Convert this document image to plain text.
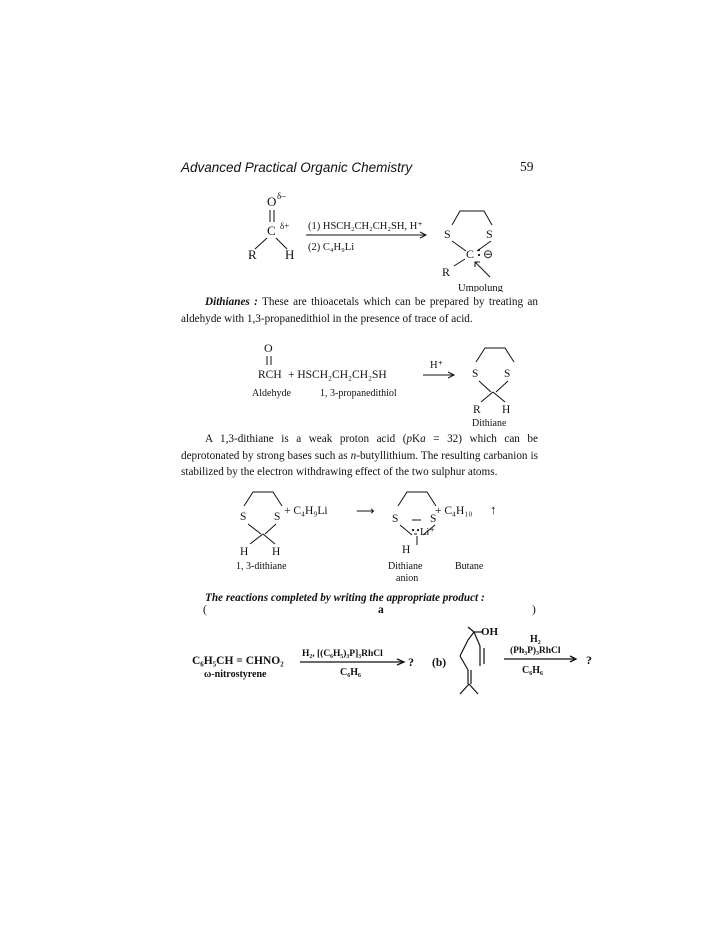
Advanced Practical Organic Chemistry	59
O δ–
C δ+
R H
(1) HSCH₂CH₂CH₂SH, H⁺
(2) C₄H₉Li
S	S
C ⊖
R
Umpolung
Dithianes : These are thioacetals which can be prepared by treating an aldehyde with 1,3-propanedithiol in the presence of trace of acid.
O
RCH + HSCH₂CH₂CH₂SH
H⁺
Aldehyde	1, 3-propanedithiol
S S
R H
Dithiane
A 1,3-dithiane is a weak proton acid (pKa = 32) which can be deprotonated by strong bases such as n-butyllithium. The resulting carbanion is stabilized by the electron withdrawing effect of the two sulphur atoms.
S S
H H
+ C₄H₉Li ⟶
S	S
Li⁺
H
+ C₄H₁₀ ↑
1, 3-dithiane	Dithiane
anion
Butane
The reactions completed by writing the appropriate product :
(	a	)
C₆H₅CH = CHNO₂
ω-nitrostyrene
H₂, [(C₆H₅)₃P]₃RhCl
C₆H₆
? (b)
OH
H₂
(Ph₃P)₃RhCl
C₆H₆
?
